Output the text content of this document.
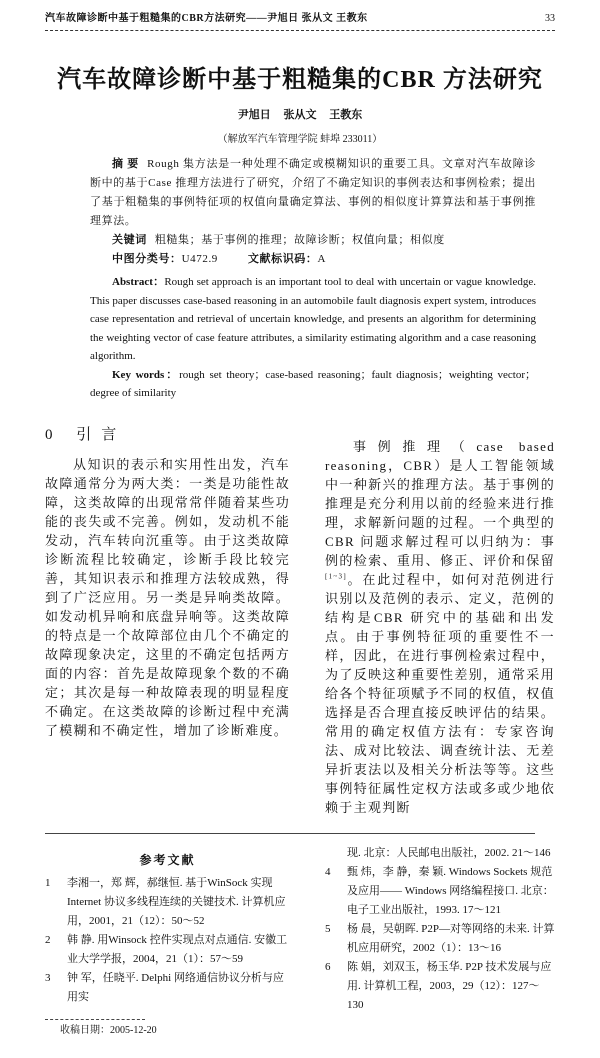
汽车故障诊断中基于粗糙集的CBR方法研究——尹旭日 张从文 王教东	33
汽车故障诊断中基于粗糙集的CBR 方法研究
尹旭日 张从文 王教东
（解放军汽车管理学院 蚌埠 233011）

摘 要 Rough 集方法是一种处理不确定或模糊知识的重要工具。文章对汽车故障诊断中的基于Case 推理方法进行了研究，介绍了不确定知识的事例表达和事例检索；提出了基于粗糙集的事例特征项的权值向量确定算法、事例的相似度计算算法和基于事例推理算法。

关键词 粗糙集；基于事例的推理；故障诊断；权值向量；相似度

中图分类号：U472.9	文献标识码：A

Abstract：Rough set approach is an important tool to deal with uncertain or vague knowledge. This paper discusses case-based reasoning in an automobile fault diagnosis expert system, introduces case representation and retrieval of uncertain knowledge, and presents an algorithm for determining the weighting vector of case feature attributes, a similarity estimating algorithm and a case reasoning algorithm.

Key words：rough set theory；case-based reasoning；fault diagnosis；weighting vector；degree of similarity

0 引言

从知识的表示和实用性出发，汽车故障通常分为两大类：一类是功能性故障，这类故障的出现常常伴随着某些功能的丧失或不完善。例如，发动机不能发动，汽车转向沉重等。由于这类故障诊断流程比较确定，诊断手段比较完善，其知识表示和推理方法较成熟，得到了广泛应用。另一类是异响类故障。如发动机异响和底盘异响等。这类故障的特点是一个故障部位由几个不确定的故障现象决定，这里的不确定包括两方面的内容：首先是故障现象个数的不确定；其次是每一种故障表现的明显程度不确定。在这类故障的诊断过程中充满了模糊和不确定性，增加了诊断难度。

事例推理（case based reasoning，CBR）是人工智能领域中一种新兴的推理方法。基于事例的推理是充分利用以前的经验来进行推理，求解新问题的过程。一个典型的CBR 问题求解过程可以归纳为：事例的检索、重用、修正、评价和保留[1~3]。在此过程中，如何对范例进行识别以及范例的表示、定义，范例的结构是CBR 研究中的基础和出发点。由于事例特征项的重要性不一样，因此，在进行事例检索过程中，为了反映这种重要性差别，通常采用给各个特征项赋予不同的权值，权值选择是否合理直接反映评估的结果。常用的确定权值方法有：专家咨询法、成对比较法、调查统计法、无差异折衷法以及相关分析法等等。这些事例特征属性定权方法或多或少地依赖于主观判断

参考文献
1	李湘一，郑 辉，郝继恒. 基于WinSock 实现Internet 协议多线程连续的关键技术. 计算机应用，2001，21（12）：50～52
2	韩 静. 用Winsock 控件实现点对点通信. 安徽工业大学学报，2004，21（1）：57～59
3	钟 军，任晓平. Delphi 网络通信协议分析与应用实
收稿日期：2005-12-20
现. 北京：人民邮电出版社，2002. 21～146
4	甄 炜，李 静，秦 颖. Windows Sockets 规范及应用—— Windows 网络编程接口. 北京：电子工业出版社，1993. 17～121
5	杨 晨，吴朝晖. P2P—对等网络的未来. 计算机应用研究，2002（1）：13～16
6	陈 娟，刘双玉，杨玉华. P2P 技术发展与应用. 计算机工程，2003，29（12）：127～130
